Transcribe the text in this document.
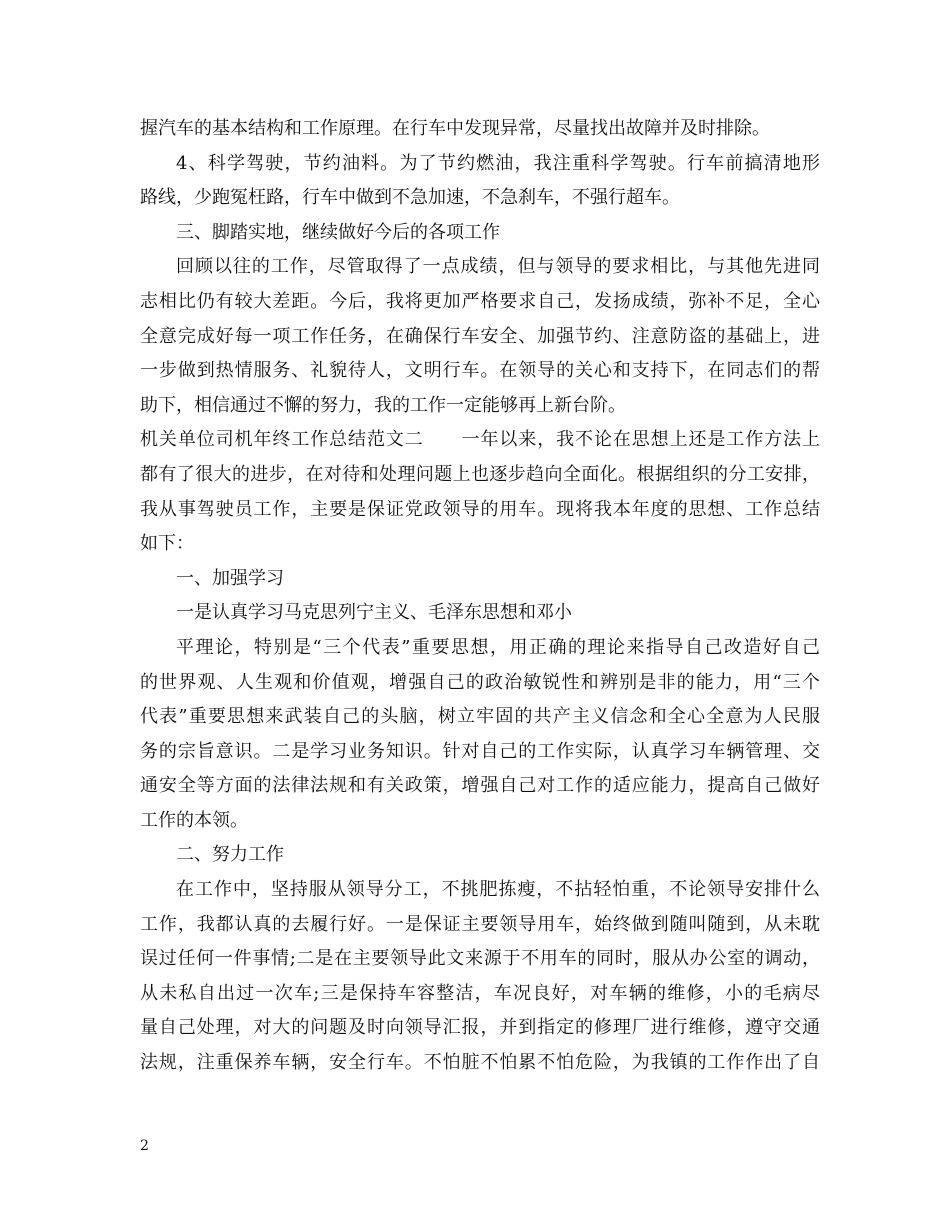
握汽车的基本结构和工作原理。在行车中发现异常，尽量找出故障并及时排除。
4、科学驾驶，节约油料。为了节约燃油，我注重科学驾驶。行车前搞清地形
路线，少跑冤枉路，行车中做到不急加速，不急刹车，不强行超车。
三、脚踏实地，继续做好今后的各项工作
回顾以往的工作，尽管取得了一点成绩，但与领导的要求相比，与其他先进同
志相比仍有较大差距。今后，我将更加严格要求自己，发扬成绩，弥补不足，全心
全意完成好每一项工作任务，在确保行车安全、加强节约、注意防盗的基础上，进
一步做到热情服务、礼貌待人，文明行车。在领导的关心和支持下，在同志们的帮
助下，相信通过不懈的努力，我的工作一定能够再上新台阶。
机关单位司机年终工作总结范文二　　一年以来，我不论在思想上还是工作方法上
都有了很大的进步，在对待和处理问题上也逐步趋向全面化。根据组织的分工安排，
我从事驾驶员工作，主要是保证党政领导的用车。现将我本年度的思想、工作总结
如下：
一、加强学习
一是认真学习马克思列宁主义、毛泽东思想和邓小
平理论，特别是“三个代表”重要思想，用正确的理论来指导自己改造好自己
的世界观、人生观和价值观，增强自己的政治敏锐性和辨别是非的能力，用“三个
代表”重要思想来武装自己的头脑，树立牢固的共产主义信念和全心全意为人民服
务的宗旨意识。二是学习业务知识。针对自己的工作实际，认真学习车辆管理、交
通安全等方面的法律法规和有关政策，增强自己对工作的适应能力，提高自己做好
工作的本领。
二、努力工作
在工作中，坚持服从领导分工，不挑肥拣瘦，不拈轻怕重，不论领导安排什么
工作，我都认真的去履行好。一是保证主要领导用车，始终做到随叫随到，从未耽
误过任何一件事情;二是在主要领导此文来源于不用车的同时，服从办公室的调动，
从未私自出过一次车;三是保持车容整洁，车况良好，对车辆的维修，小的毛病尽
量自己处理，对大的问题及时向领导汇报，并到指定的修理厂进行维修，遵守交通
法规，注重保养车辆，安全行车。不怕脏不怕累不怕危险，为我镇的工作作出了自
2
